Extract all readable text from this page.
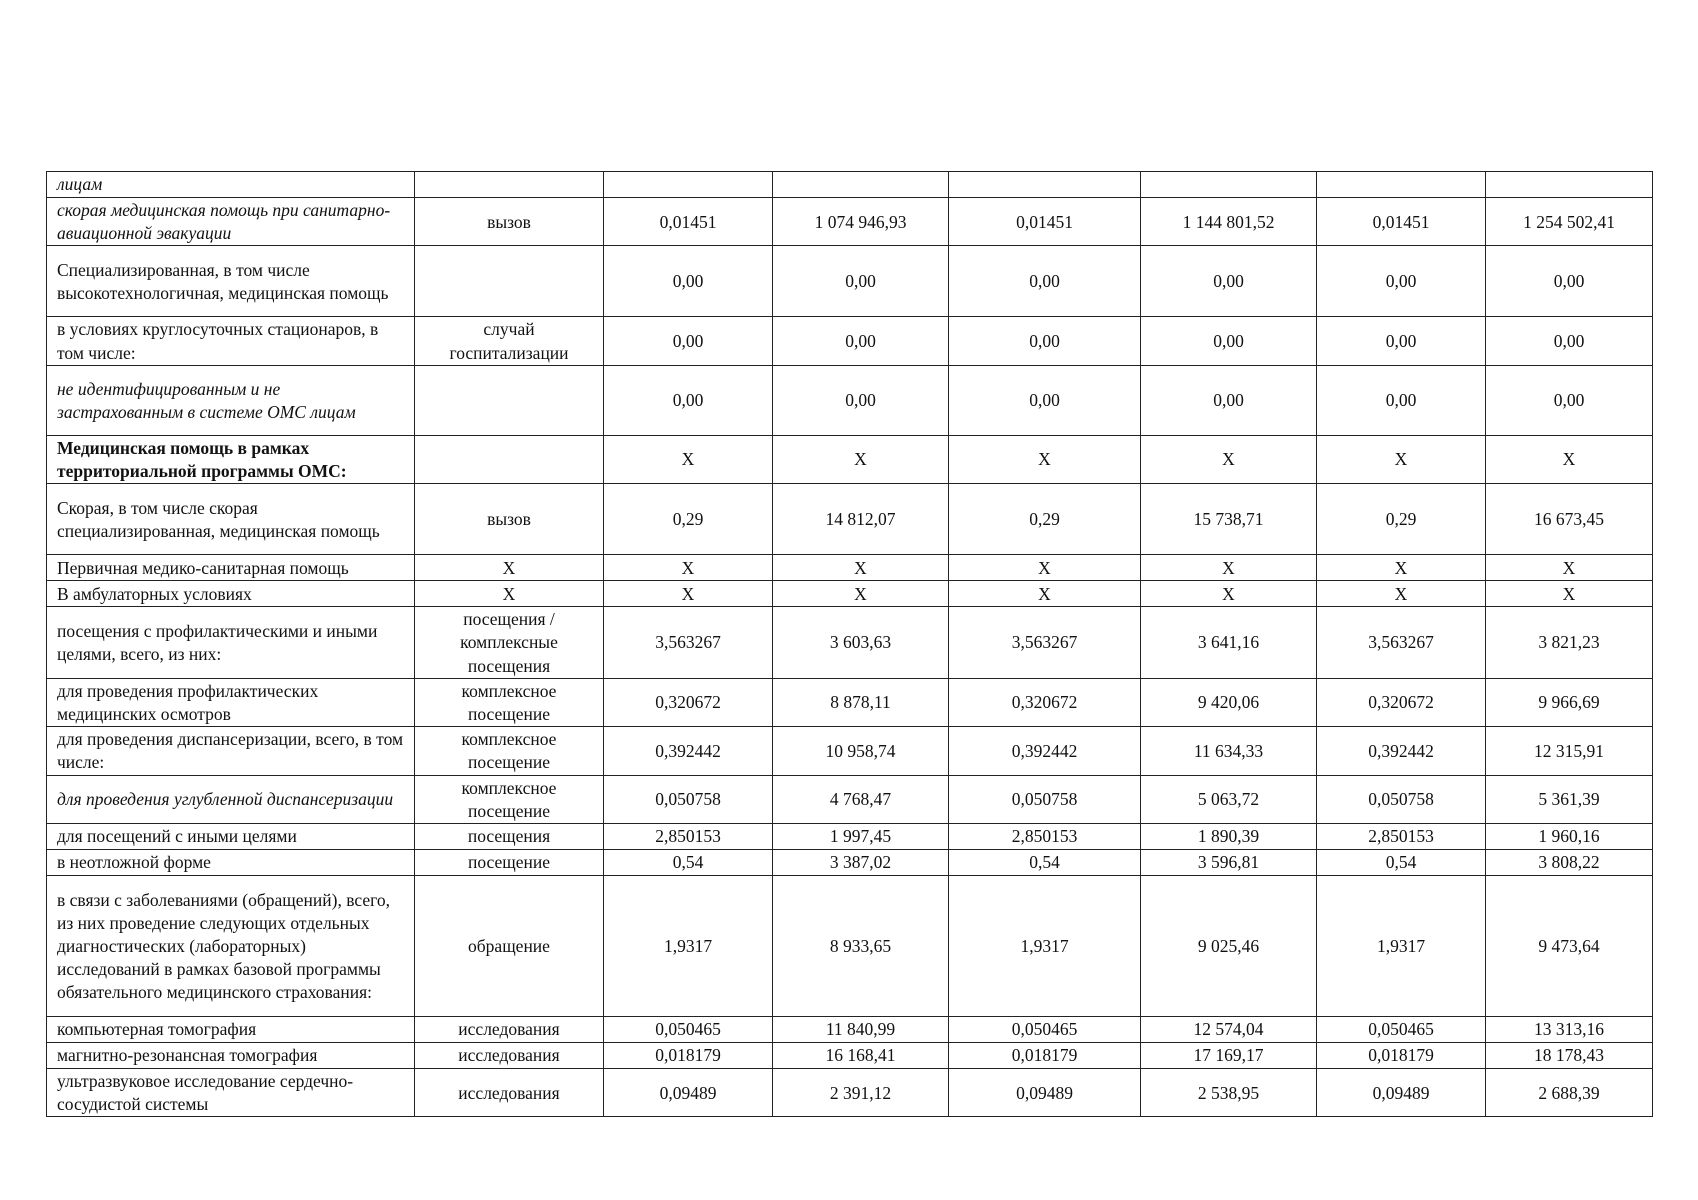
лицам							
скорая медицинская помощь при санитарно-авиационной эвакуации	вызов	0,01451	1 074 946,93	0,01451	1 144 801,52	0,01451	1 254 502,41
Специализированная, в том числе высокотехнологичная, медицинская помощь		0,00	0,00	0,00	0,00	0,00	0,00
в условиях круглосуточных стационаров, в том числе:	случай госпитализации	0,00	0,00	0,00	0,00	0,00	0,00
не идентифицированным и не застрахованным в системе ОМС лицам		0,00	0,00	0,00	0,00	0,00	0,00
Медицинская помощь в рамках территориальной программы ОМС:		Х	Х	Х	Х	Х	Х
Скорая, в том числе скорая специализированная, медицинская помощь	вызов	0,29	14 812,07	0,29	15 738,71	0,29	16 673,45
Первичная медико-санитарная помощь	Х	Х	Х	Х	Х	Х	Х
В амбулаторных условиях	Х	Х	Х	Х	Х	Х	Х
посещения с профилактическими и иными целями, всего, из них:	посещения / комплексные посещения	3,563267	3 603,63	3,563267	3 641,16	3,563267	3 821,23
для проведения профилактических медицинских осмотров	комплексное посещение	0,320672	8 878,11	0,320672	9 420,06	0,320672	9 966,69
для проведения диспансеризации, всего, в том числе:	комплексное посещение	0,392442	10 958,74	0,392442	11 634,33	0,392442	12 315,91
для проведения углубленной диспансеризации	комплексное посещение	0,050758	4 768,47	0,050758	5 063,72	0,050758	5 361,39
для посещений с иными целями	посещения	2,850153	1 997,45	2,850153	1 890,39	2,850153	1 960,16
в неотложной форме	посещение	0,54	3 387,02	0,54	3 596,81	0,54	3 808,22
в связи с заболеваниями (обращений), всего, из них проведение следующих отдельных диагностических (лабораторных) исследований в рамках базовой программы обязательного медицинского страхования:	обращение	1,9317	8 933,65	1,9317	9 025,46	1,9317	9 473,64
компьютерная томография	исследования	0,050465	11 840,99	0,050465	12 574,04	0,050465	13 313,16
магнитно-резонансная томография	исследования	0,018179	16 168,41	0,018179	17 169,17	0,018179	18 178,43
ультразвуковое исследование сердечно-сосудистой системы	исследования	0,09489	2 391,12	0,09489	2 538,95	0,09489	2 688,39
